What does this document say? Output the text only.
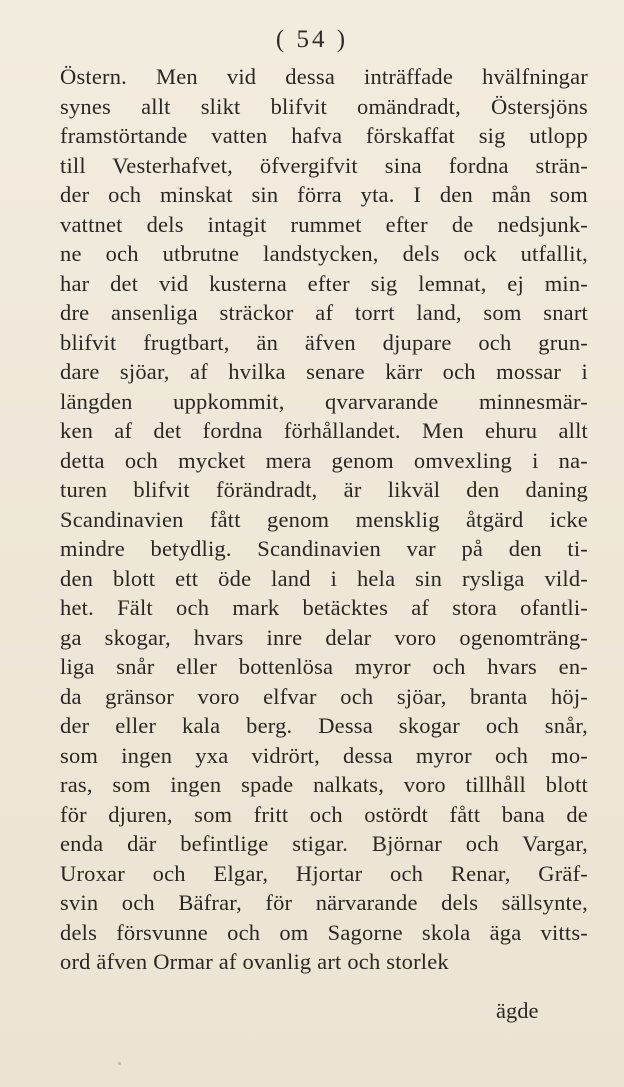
( 54 )
Östern. Men vid dessa inträffade hvälfningar
synes allt slikt blifvit omändradt, Östersjöns
framstörtande vatten hafva förskaffat sig utlopp
till Vesterhafvet, öfvergifvit sina fordna strän-
der och minskat sin förra yta. I den mån som
vattnet dels intagit rummet efter de nedsjunk-
ne och utbrutne landstycken, dels ock utfallit,
har det vid kusterna efter sig lemnat, ej min-
dre ansenliga sträckor af torrt land, som snart
blifvit frugtbart, än äfven djupare och grun-
dare sjöar, af hvilka senare kärr och mossar i
längden uppkommit, qvarvarande minnesmär-
ken af det fordna förhållandet. Men ehuru allt
detta och mycket mera genom omvexling i na-
turen blifvit förändradt, är likväl den daning
Scandinavien fått genom mensklig åtgärd icke
mindre betydlig. Scandinavien var på den ti-
den blott ett öde land i hela sin rysliga vild-
het. Fält och mark betäcktes af stora ofantli-
ga skogar, hvars inre delar voro ogenomträng-
liga snår eller bottenlösa myror och hvars en-
da gränsor voro elfvar och sjöar, branta höj-
der eller kala berg. Dessa skogar och snår,
som ingen yxa vidrört, dessa myror och mo-
ras, som ingen spade nalkats, voro tillhåll blott
för djuren, som fritt och ostördt fått bana de
enda där befintlige stigar. Björnar och Vargar,
Uroxar och Elgar, Hjortar och Renar, Gräf-
svin och Bäfrar, för närvarande dels sällsynte,
dels försvunne och om Sagorne skola äga vitts-
ord äfven Ormar af ovanlig art och storlek
ägde
